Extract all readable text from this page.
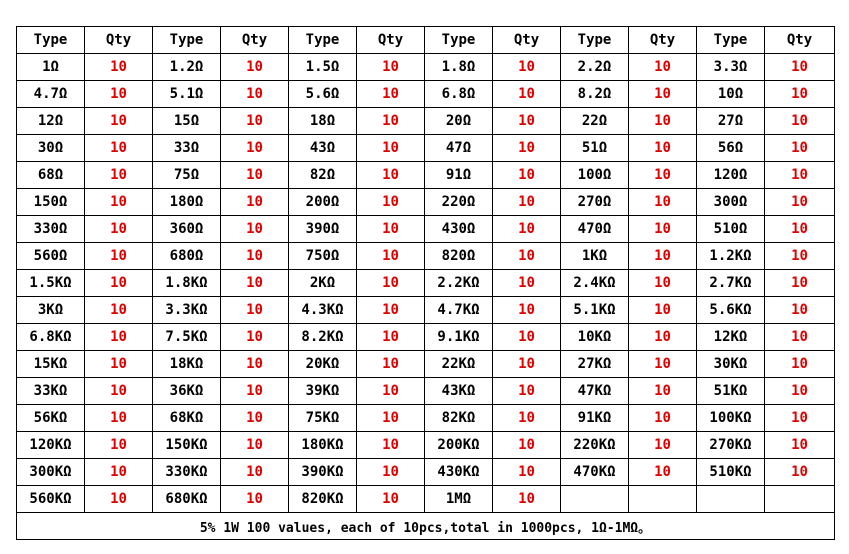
Type	Qty	Type	Qty	Type	Qty	Type	Qty	Type	Qty	Type	Qty
1Ω	10	1.2Ω	10	1.5Ω	10	1.8Ω	10	2.2Ω	10	3.3Ω	10
4.7Ω	10	5.1Ω	10	5.6Ω	10	6.8Ω	10	8.2Ω	10	10Ω	10
12Ω	10	15Ω	10	18Ω	10	20Ω	10	22Ω	10	27Ω	10
30Ω	10	33Ω	10	43Ω	10	47Ω	10	51Ω	10	56Ω	10
68Ω	10	75Ω	10	82Ω	10	91Ω	10	100Ω	10	120Ω	10
150Ω	10	180Ω	10	200Ω	10	220Ω	10	270Ω	10	300Ω	10
330Ω	10	360Ω	10	390Ω	10	430Ω	10	470Ω	10	510Ω	10
560Ω	10	680Ω	10	750Ω	10	820Ω	10	1KΩ	10	1.2KΩ	10
1.5KΩ	10	1.8KΩ	10	2KΩ	10	2.2KΩ	10	2.4KΩ	10	2.7KΩ	10
3KΩ	10	3.3KΩ	10	4.3KΩ	10	4.7KΩ	10	5.1KΩ	10	5.6KΩ	10
6.8KΩ	10	7.5KΩ	10	8.2KΩ	10	9.1KΩ	10	10KΩ	10	12KΩ	10
15KΩ	10	18KΩ	10	20KΩ	10	22KΩ	10	27KΩ	10	30KΩ	10
33KΩ	10	36KΩ	10	39KΩ	10	43KΩ	10	47KΩ	10	51KΩ	10
56KΩ	10	68KΩ	10	75KΩ	10	82KΩ	10	91KΩ	10	100KΩ	10
120KΩ	10	150KΩ	10	180KΩ	10	200KΩ	10	220KΩ	10	270KΩ	10
300KΩ	10	330KΩ	10	390KΩ	10	430KΩ	10	470KΩ	10	510KΩ	10
560KΩ	10	680KΩ	10	820KΩ	10	1MΩ	10				
5% 1W 100 values, each of 10pcs,total in 1000pcs, 1Ω-1MΩ。											
